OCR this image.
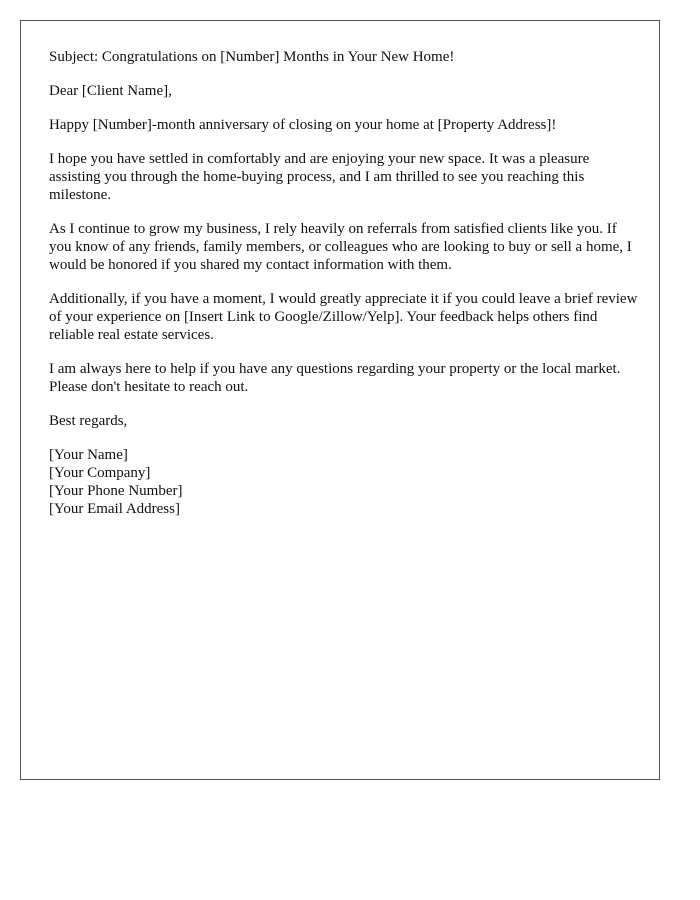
Subject: Congratulations on [Number] Months in Your New Home!

Dear [Client Name],

Happy [Number]-month anniversary of closing on your home at [Property Address]!

I hope you have settled in comfortably and are enjoying your new space. It was a pleasure assisting you through the home-buying process, and I am thrilled to see you reaching this milestone.

As I continue to grow my business, I rely heavily on referrals from satisfied clients like you. If you know of any friends, family members, or colleagues who are looking to buy or sell a home, I would be honored if you shared my contact information with them.

Additionally, if you have a moment, I would greatly appreciate it if you could leave a brief review of your experience on [Insert Link to Google/Zillow/Yelp]. Your feedback helps others find reliable real estate services.

I am always here to help if you have any questions regarding your property or the local market. Please don't hesitate to reach out.

Best regards,

[Your Name]
[Your Company]
[Your Phone Number]
[Your Email Address]
